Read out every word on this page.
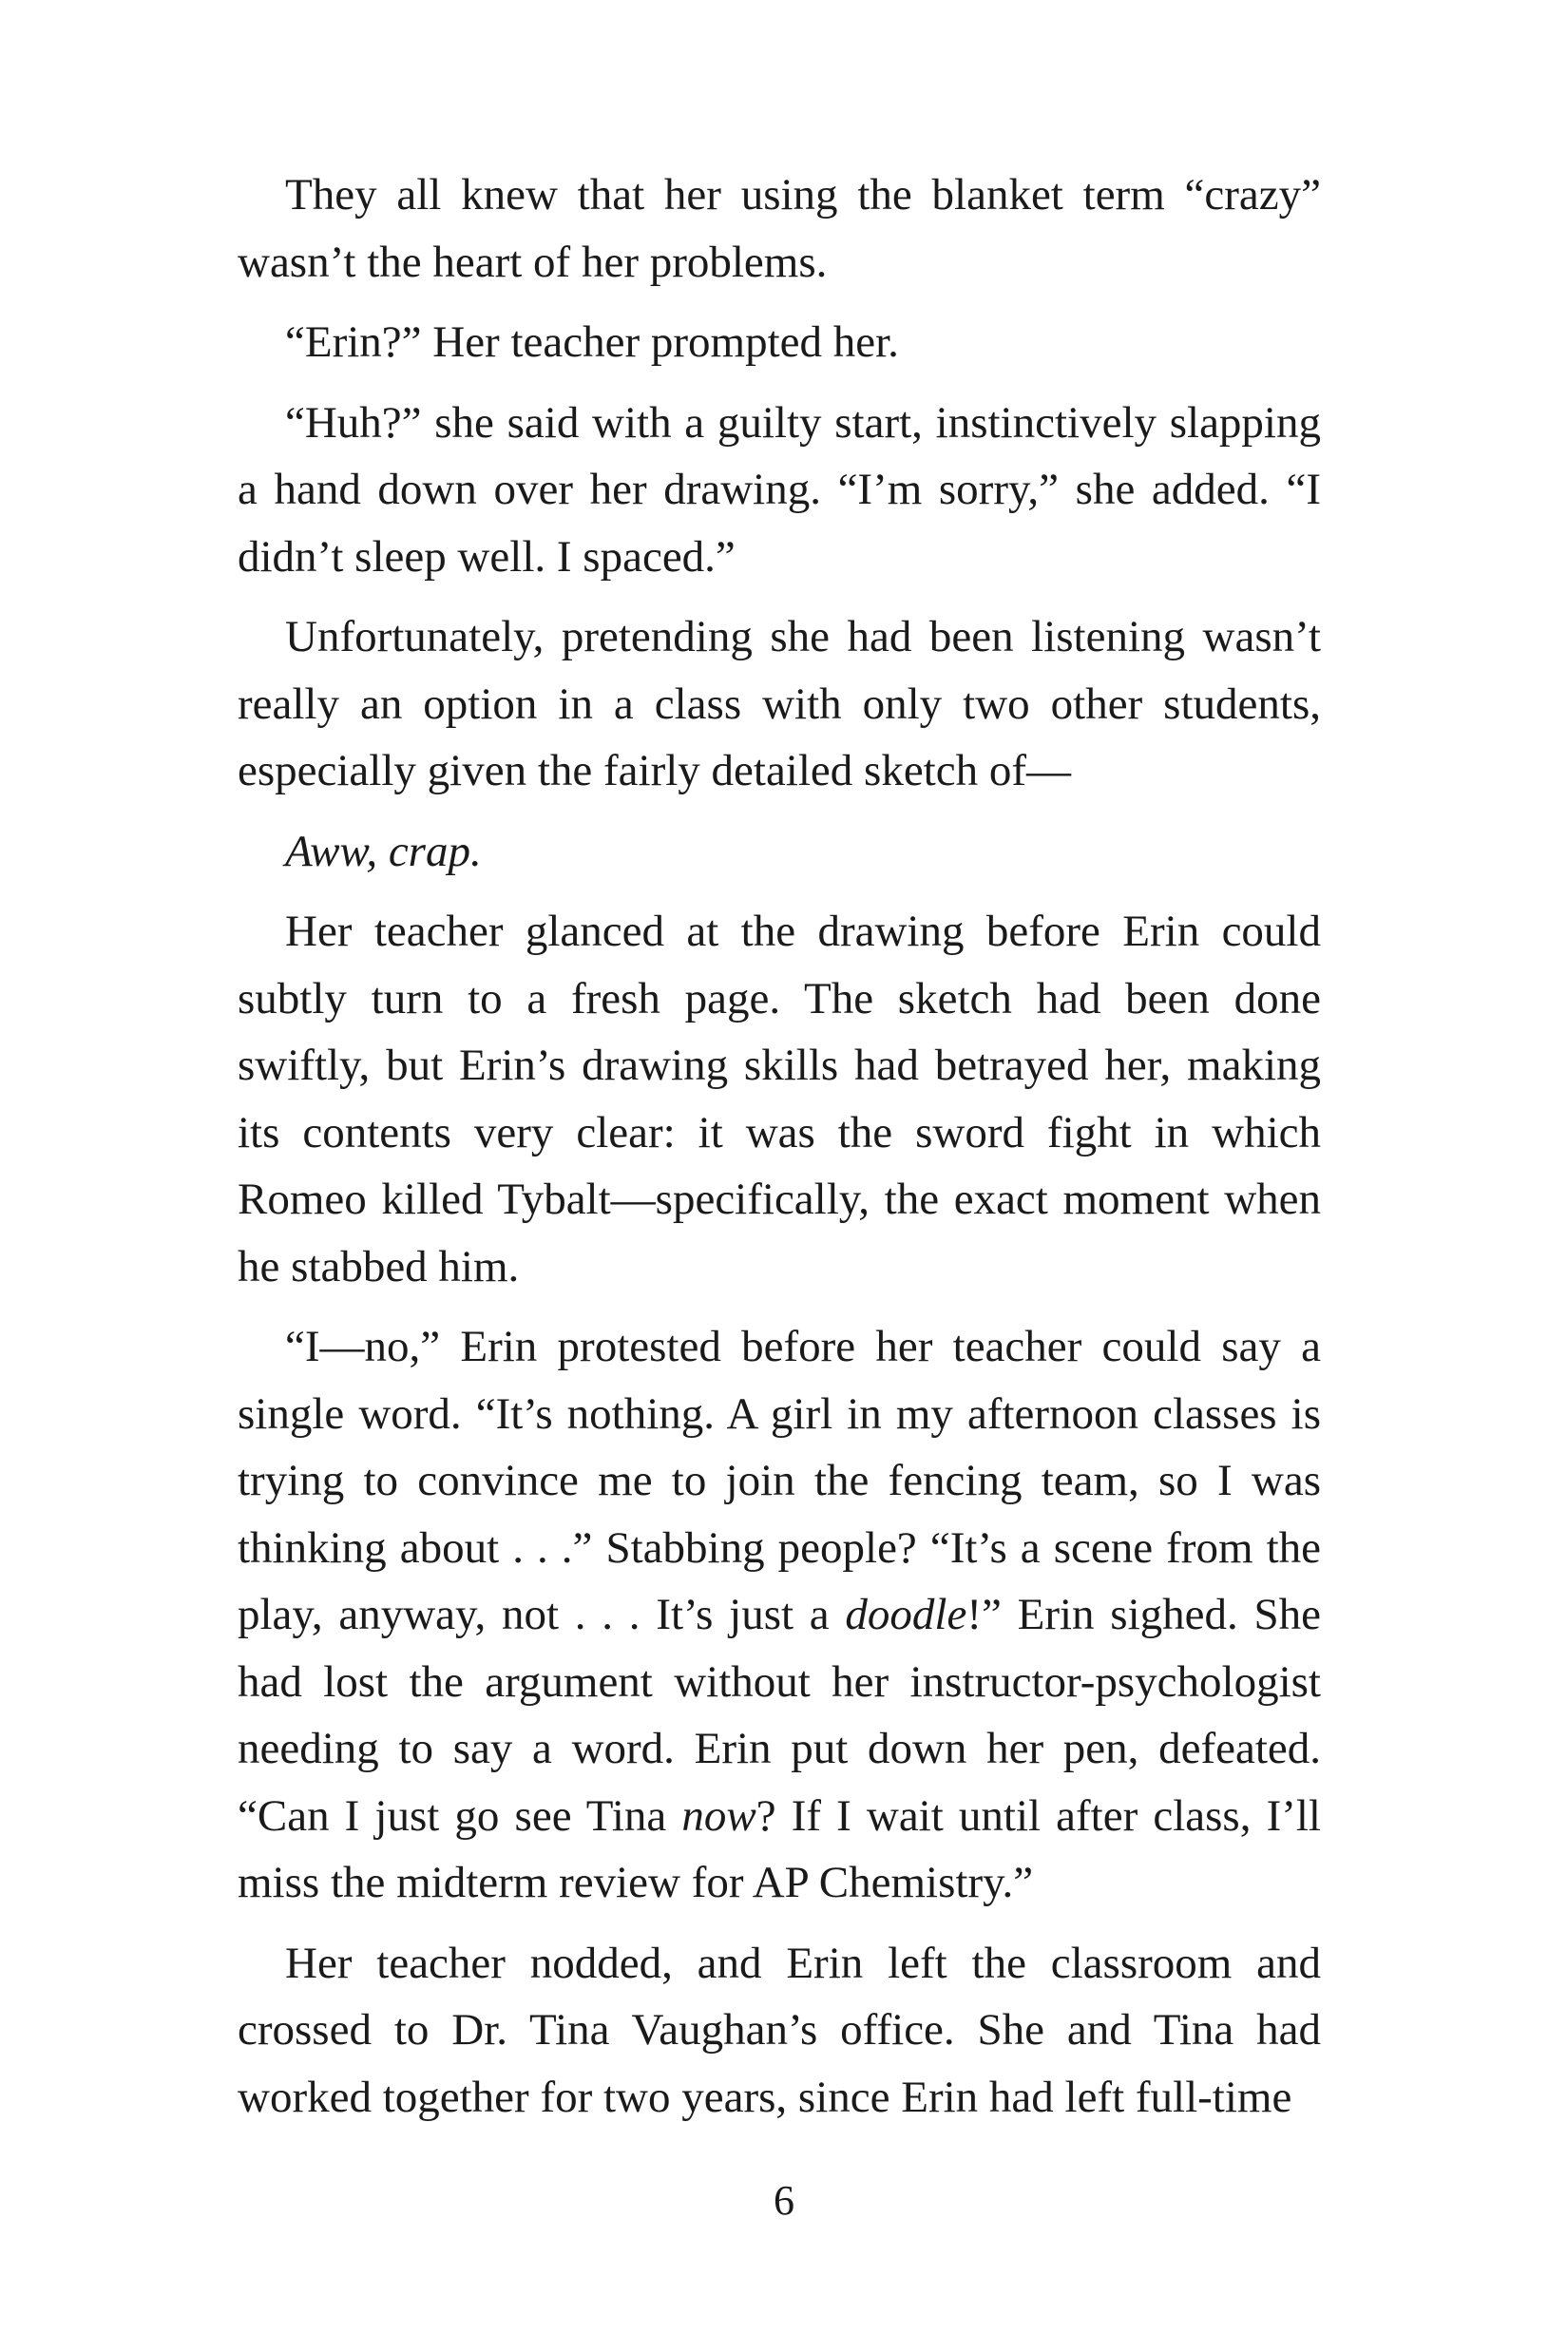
They all knew that her using the blanket term “crazy” wasn’t the heart of her problems.

“Erin?” Her teacher prompted her.

“Huh?” she said with a guilty start, instinctively slapping a hand down over her drawing. “I’m sorry,” she added. “I didn’t sleep well. I spaced.”

Unfortunately, pretending she had been listening wasn’t really an option in a class with only two other students, especially given the fairly detailed sketch of—

Aww, crap.

Her teacher glanced at the drawing before Erin could subtly turn to a fresh page. The sketch had been done swiftly, but Erin’s drawing skills had betrayed her, making its contents very clear: it was the sword fight in which Romeo killed Tybalt—specifically, the exact moment when he stabbed him.

“I—no,” Erin protested before her teacher could say a single word. “It’s nothing. A girl in my afternoon classes is trying to convince me to join the fencing team, so I was thinking about . . .” Stabbing people? “It’s a scene from the play, anyway, not . . . It’s just a doodle!” Erin sighed. She had lost the argument without her instructor-psychologist needing to say a word. Erin put down her pen, defeated. “Can I just go see Tina now? If I wait until after class, I’ll miss the midterm review for AP Chemistry.”

Her teacher nodded, and Erin left the classroom and crossed to Dr. Tina Vaughan’s office. She and Tina had worked together for two years, since Erin had left full-time

6
